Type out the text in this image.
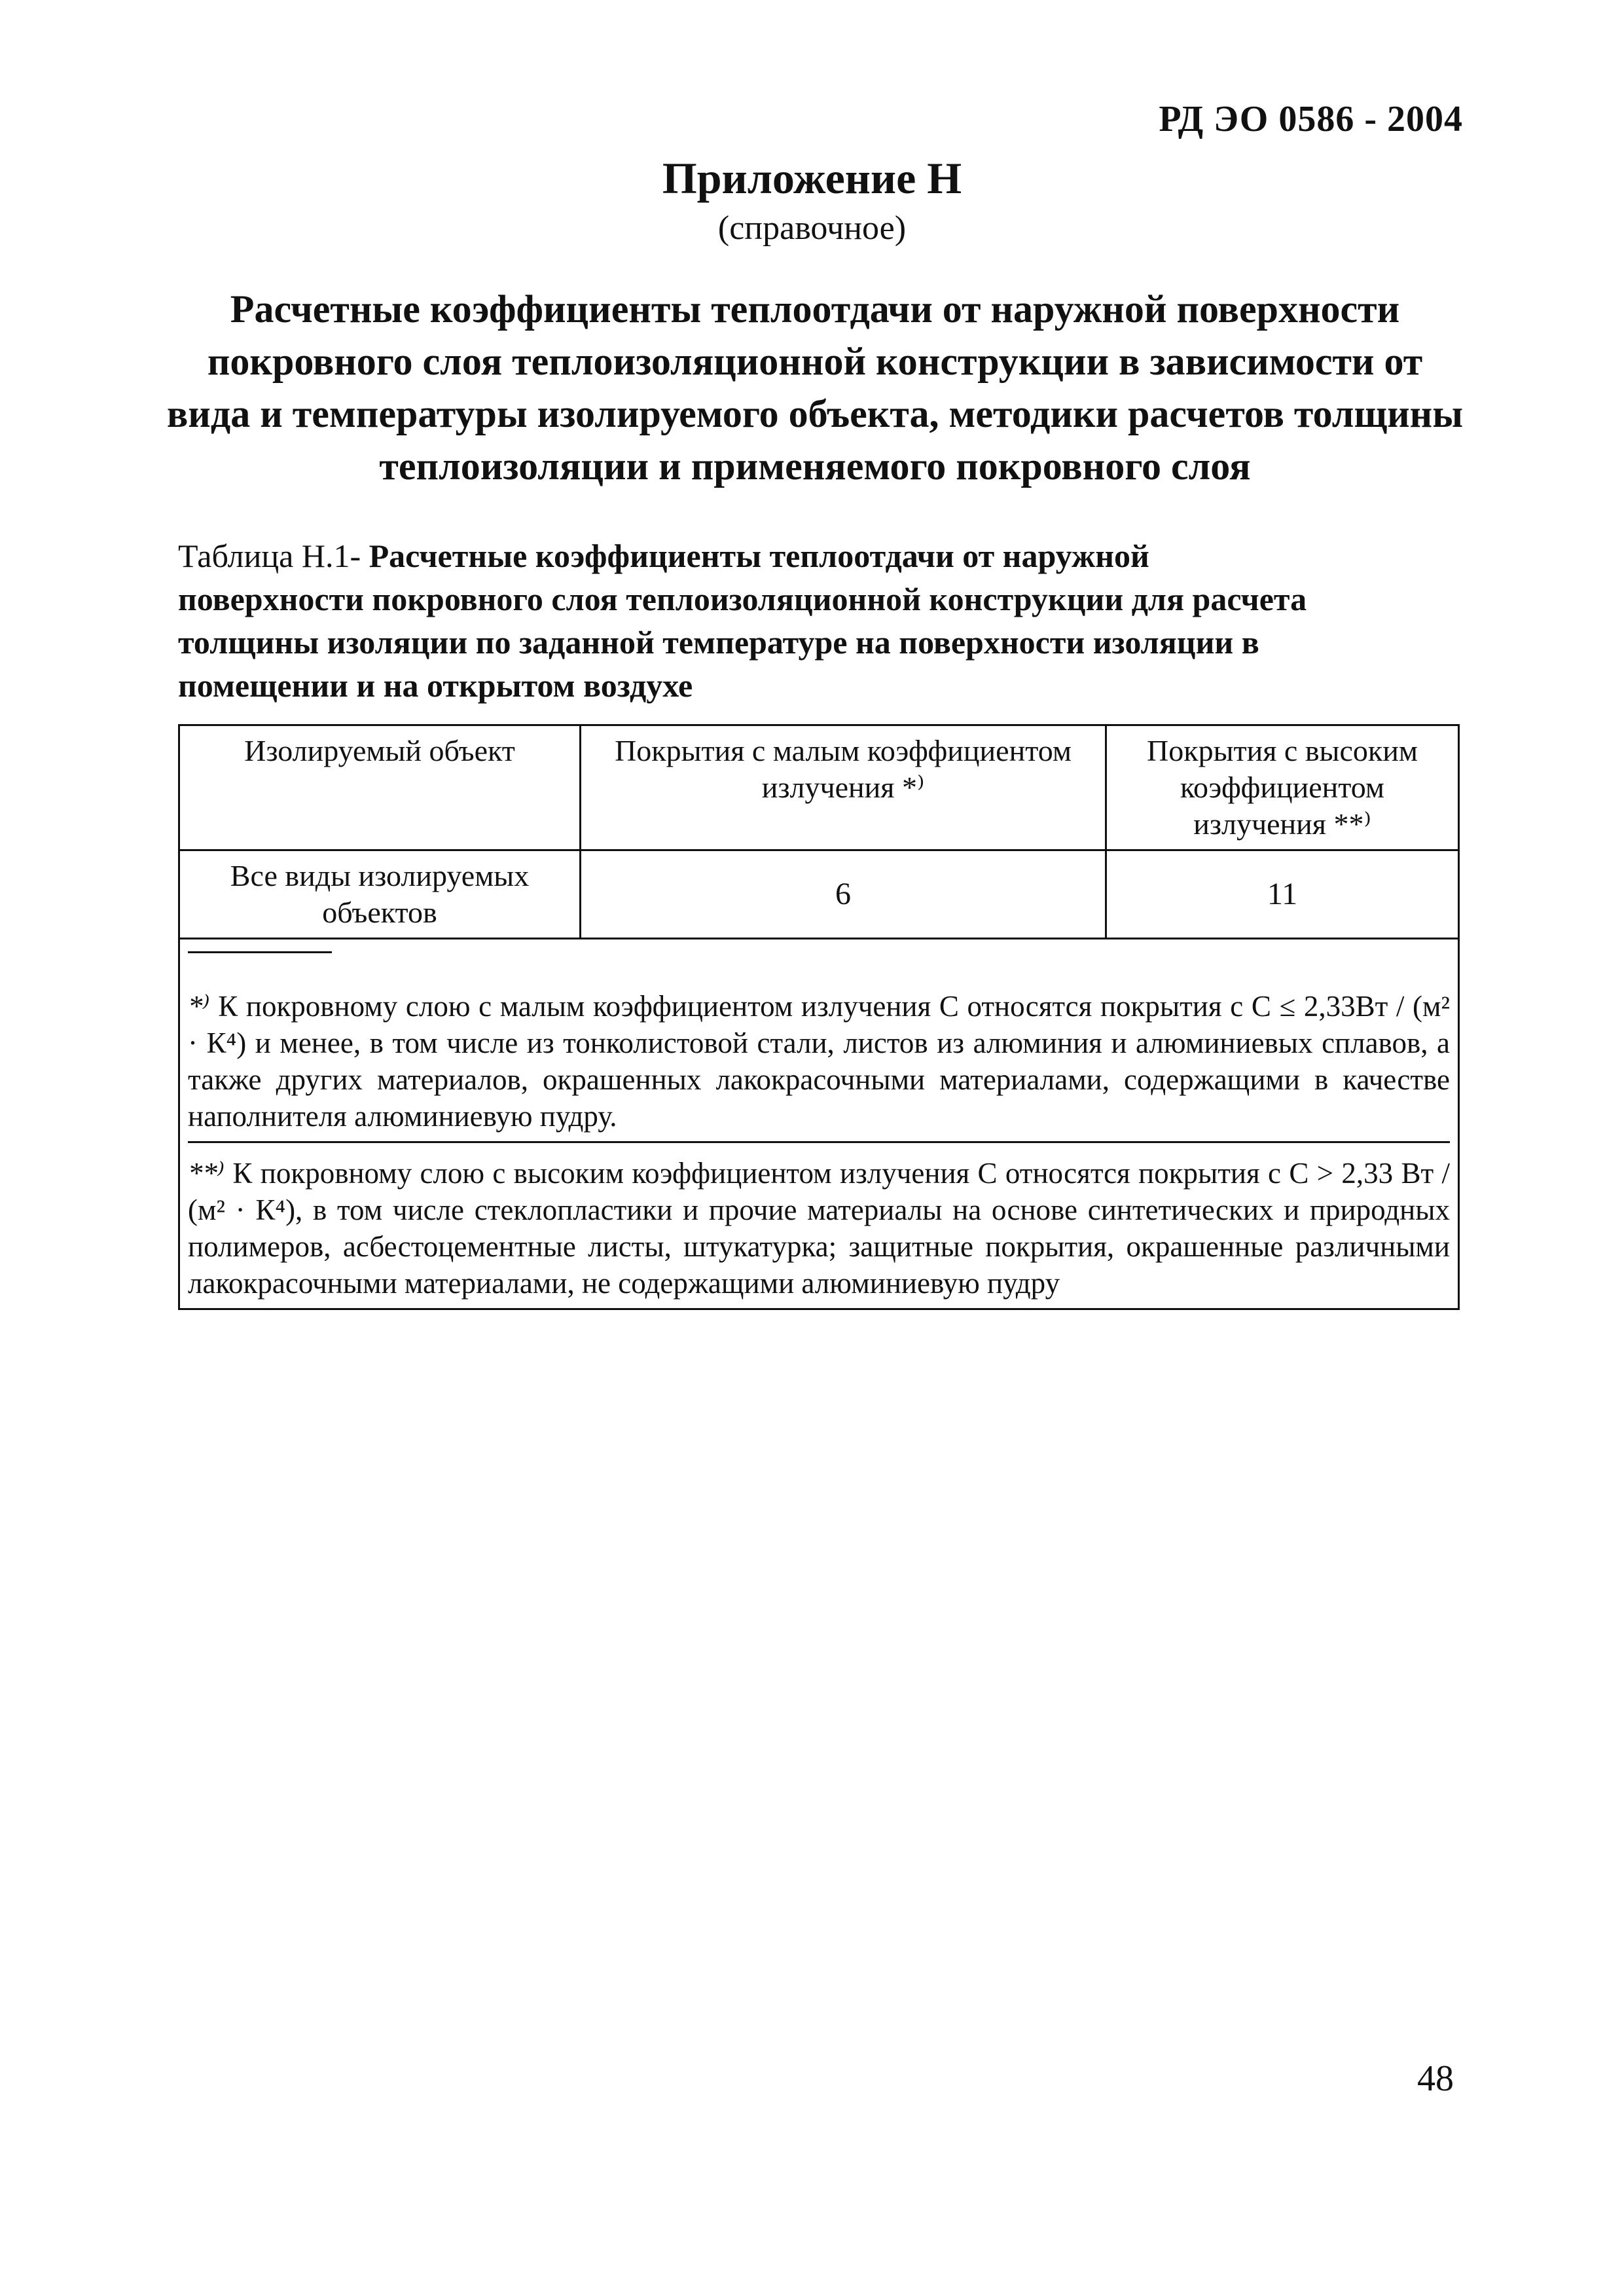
РД ЭО 0586 - 2004
Приложение Н
(справочное)
Расчетные коэффициенты теплоотдачи от наружной поверхности покровного слоя теплоизоляционной конструкции в зависимости от вида и температуры изолируемого объекта, методики расчетов толщины теплоизоляции и применяемого покровного слоя
Таблица Н.1- Расчетные коэффициенты теплоотдачи от наружной поверхности покровного слоя теплоизоляционной конструкции для расчета толщины изоляции по заданной температуре на поверхности изоляции в помещении и на открытом воздухе
Изолируемый объект	Покрытия с малым коэффициентом излучения *⁾	Покрытия с высоким коэффициентом излучения **⁾
Все виды изолируемых объектов	6	11

*⁾ К покровному слою с малым коэффициентом излучения С относятся покрытия с С ≤ 2,33Вт / (м² · К⁴) и менее, в том числе из тонколистовой стали, листов из алюминия и алюминиевых сплавов, а также других материалов, окрашенных лакокрасочными материалами, содержащими в качестве наполнителя алюминиевую пудру.
**⁾ К покровному слою с высоким коэффициентом излучения С относятся покрытия с С > 2,33 Вт / (м² · К⁴), в том числе стеклопластики и прочие материалы на основе синтетических и природных полимеров, асбестоцементные листы, штукатурка; защитные покрытия, окрашенные различными лакокрасочными материалами, не содержащими алюминиевую пудру		
48
